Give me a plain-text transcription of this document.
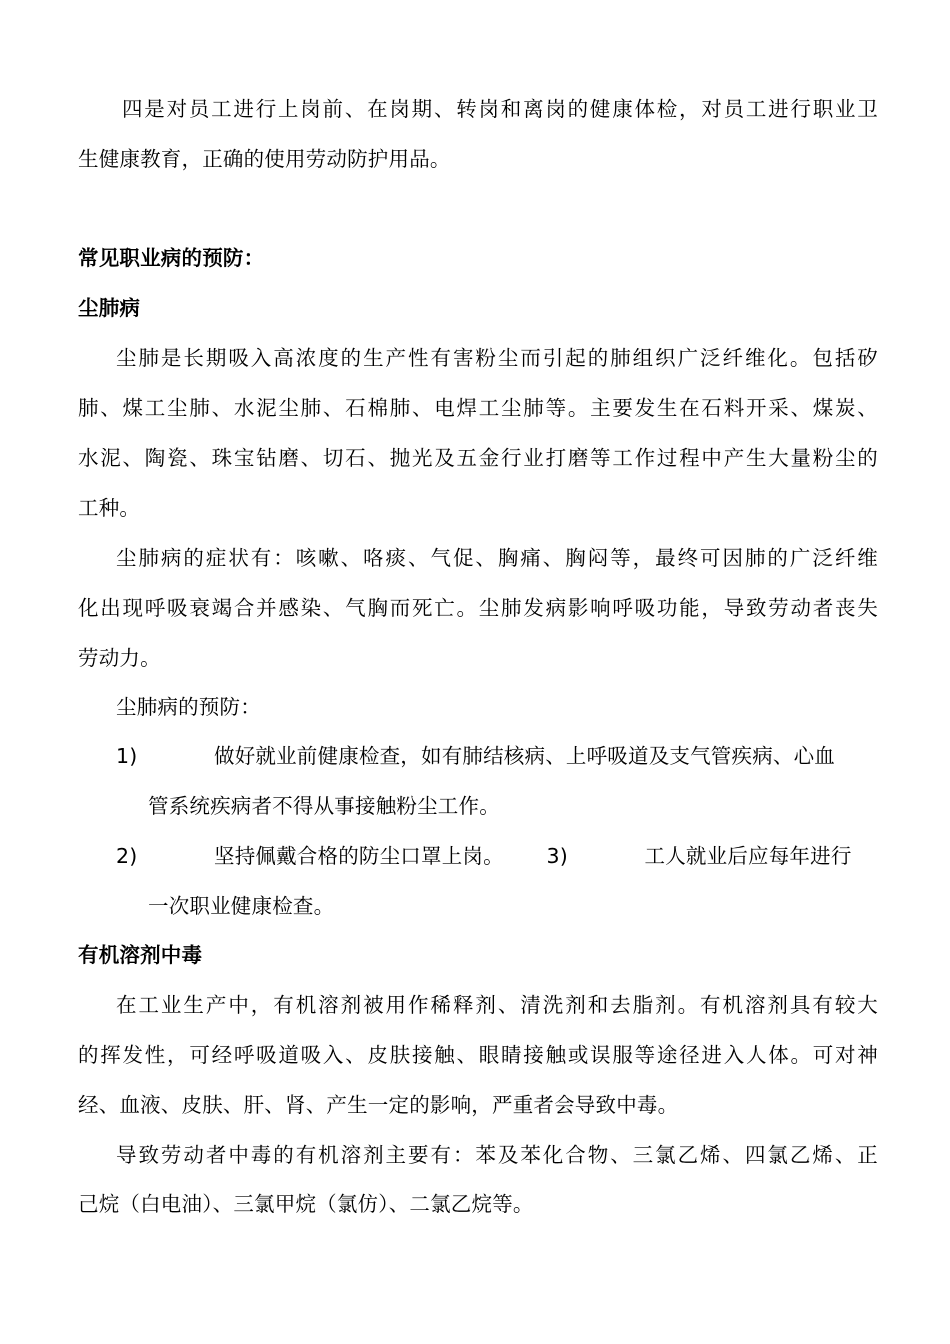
四是对员工进行上岗前、在岗期、转岗和离岗的健康体检，对员工进行职业卫
生健康教育，正确的使用劳动防护用品。
常见职业病的预防：
尘肺病
尘肺是长期吸入高浓度的生产性有害粉尘而引起的肺组织广泛纤维化。包括矽
肺、煤工尘肺、水泥尘肺、石棉肺、电焊工尘肺等。主要发生在石料开采、煤炭、
水泥、陶瓷、珠宝钻磨、切石、抛光及五金行业打磨等工作过程中产生大量粉尘的
工种。
尘肺病的症状有：咳嗽、咯痰、气促、胸痛、胸闷等，最终可因肺的广泛纤维
化出现呼吸衰竭合并感染、气胸而死亡。尘肺发病影响呼吸功能，导致劳动者丧失
劳动力。
尘肺病的预防：
1)	做好就业前健康检查，如有肺结核病、上呼吸道及支气管疾病、心血
管系统疾病者不得从事接触粉尘工作。
2)	坚持佩戴合格的防尘口罩上岗。 3)	工人就业后应每年进行
一次职业健康检查。
有机溶剂中毒
在工业生产中，有机溶剂被用作稀释剂、清洗剂和去脂剂。有机溶剂具有较大
的挥发性，可经呼吸道吸入、皮肤接触、眼睛接触或误服等途径进入人体。可对神
经、血液、皮肤、肝、肾、产生一定的影响，严重者会导致中毒。
导致劳动者中毒的有机溶剂主要有：苯及苯化合物、三氯乙烯、四氯乙烯、正
己烷（白电油）、三氯甲烷（氯仿）、二氯乙烷等。
